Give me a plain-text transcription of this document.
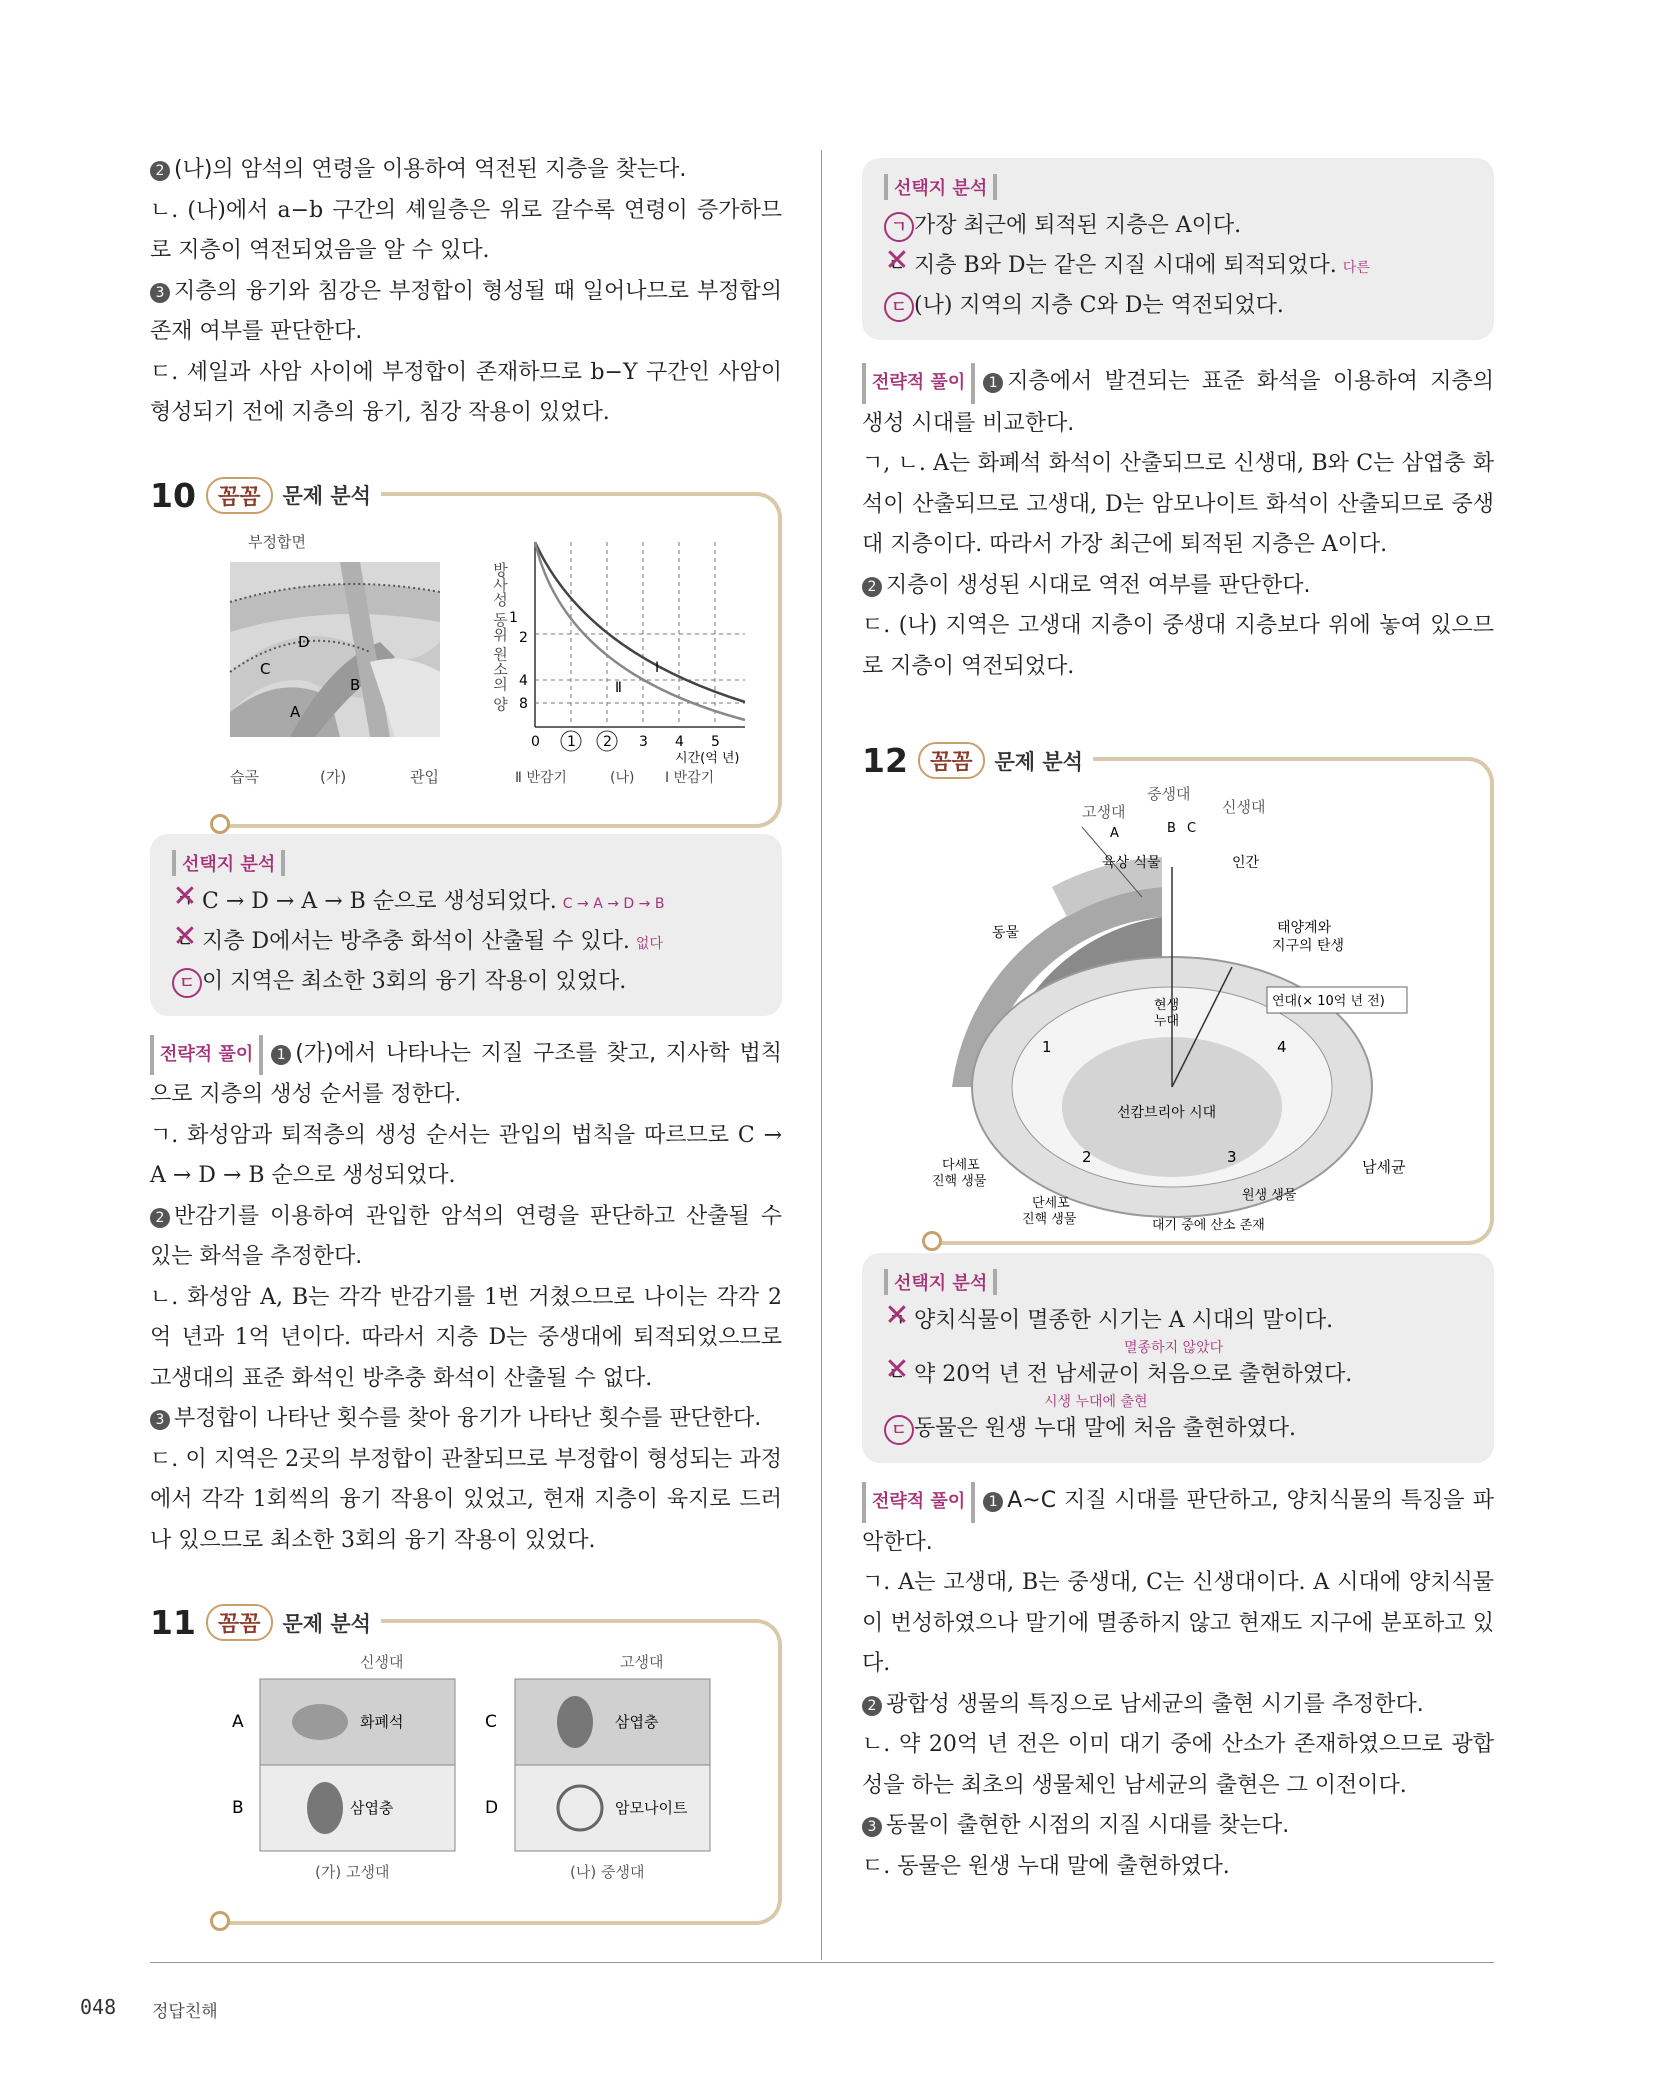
048 정답친해

2 (나)의 암석의 연령을 이용하여 역전된 지층을 찾는다.

ㄴ. (나)에서 a−b 구간의 셰일층은 위로 갈수록 연령이 증가하므로 지층이 역전되었음을 알 수 있다.

3 지층의 융기와 침강은 부정합이 형성될 때 일어나므로 부정합의 존재 여부를 판단한다.

ㄷ. 셰일과 사암 사이에 부정합이 존재하므로 b−Y 구간인 사암이 형성되기 전에 지층의 융기, 침강 작용이 있었다.

10	꼼꼼	문제 분석
부정합면
D
C
B
A
습곡	(가)	관입
방사성 동위 원소의 양 1
2
4
8
0 1 2 3 4 5
시간(억 년)
Ⅰ
Ⅱ
Ⅱ 반감기	(나) Ⅰ 반감기
선택지 분석
ㄱ ✕ C → D → A → B 순으로 생성되었다. C → A → D → B
ㄴ ✕ 지층 D에서는 방추충 화석이 산출될 수 있다. 없다
ㄷ 이 지역은 최소한 3회의 융기 작용이 있었다.

전략적 풀이 1 (가)에서 나타나는 지질 구조를 찾고, 지사학 법칙으로 지층의 생성 순서를 정한다.

ㄱ. 화성암과 퇴적층의 생성 순서는 관입의 법칙을 따르므로 C → A → D → B 순으로 생성되었다.

2 반감기를 이용하여 관입한 암석의 연령을 판단하고 산출될 수 있는 화석을 추정한다.

ㄴ. 화성암 A, B는 각각 반감기를 1번 거쳤으므로 나이는 각각 2억 년과 1억 년이다. 따라서 지층 D는 중생대에 퇴적되었으므로 고생대의 표준 화석인 방추충 화석이 산출될 수 없다.

3 부정합이 나타난 횟수를 찾아 융기가 나타난 횟수를 판단한다.

ㄷ. 이 지역은 2곳의 부정합이 관찰되므로 부정합이 형성되는 과정에서 각각 1회씩의 융기 작용이 있었고, 현재 지층이 육지로 드러나 있으므로 최소한 3회의 융기 작용이 있었다.

11	꼼꼼	문제 분석
신생대	고생대
A
B
C
D
화폐석
삼엽충
삼엽충
암모나이트
(가) 고생대	(나) 중생대
선택지 분석
ㄱ 가장 최근에 퇴적된 지층은 A이다.
ㄴ ✕ 지층 B와 D는 같은 지질 시대에 퇴적되었다. 다른
ㄷ (나) 지역의 지층 C와 D는 역전되었다.

전략적 풀이 1 지층에서 발견되는 표준 화석을 이용하여 지층의 생성 시대를 비교한다.

ㄱ, ㄴ. A는 화폐석 화석이 산출되므로 신생대, B와 C는 삼엽충 화석이 산출되므로 고생대, D는 암모나이트 화석이 산출되므로 중생대 지층이다. 따라서 가장 최근에 퇴적된 지층은 A이다.

2 지층이 생성된 시대로 역전 여부를 판단한다.

ㄷ. (나) 지역은 고생대 지층이 중생대 지층보다 위에 놓여 있으므로 지층이 역전되었다.

12	꼼꼼	문제 분석
고생대
중생대
신생대
A	B C
인간
육상 식물
동물	태양계와
지구의 탄생
연대(× 10억 년 전)
현생
누대
선캄브리아 시대
1
2	3
4
다세포
진핵 생물
단세포
진핵 생물
원생 생물
남세균
대기 중에 산소 존재
선택지 분석
ㄱ ✕ 양치식물이 멸종한 시기는 A 시대의 말이다.
멸종하지 않았다
ㄴ ✕ 약 20억 년 전 남세균이 처음으로 출현하였다.
시생 누대에 출현
ㄷ 동물은 원생 누대 말에 처음 출현하였다.

전략적 풀이 1 A~C 지질 시대를 판단하고, 양치식물의 특징을 파악한다.

ㄱ. A는 고생대, B는 중생대, C는 신생대이다. A 시대에 양치식물이 번성하였으나 말기에 멸종하지 않고 현재도 지구에 분포하고 있다.

2 광합성 생물의 특징으로 남세균의 출현 시기를 추정한다.

ㄴ. 약 20억 년 전은 이미 대기 중에 산소가 존재하였으므로 광합성을 하는 최초의 생물체인 남세균의 출현은 그 이전이다.

3 동물이 출현한 시점의 지질 시대를 찾는다.

ㄷ. 동물은 원생 누대 말에 출현하였다.
